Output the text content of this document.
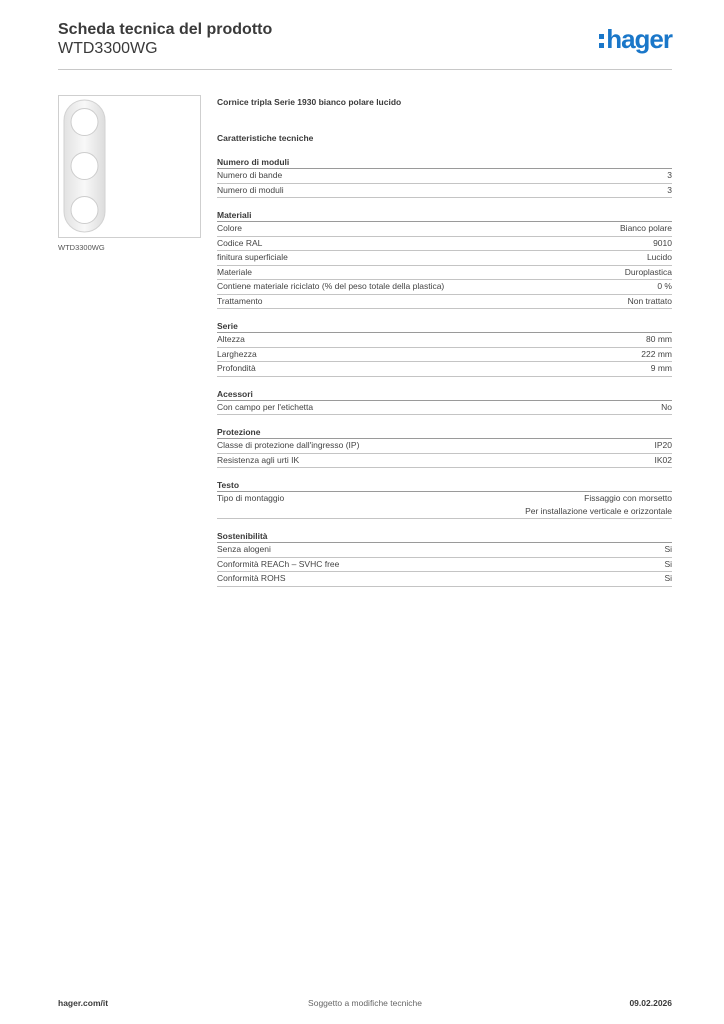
Scheda tecnica del prodotto
WTD3300WG	hager
WTD3300WG
Cornice tripla Serie 1930 bianco polare lucido
Caratteristiche tecniche
Numero di moduli
Numero di bande	3
Numero di moduli	3
Materiali
Colore	Bianco polare
Codice RAL	9010
finitura superficiale	Lucido
Materiale	Duroplastica
Contiene materiale riciclato (% del peso totale della plastica)	0 %
Trattamento	Non trattato
Serie
Altezza	80 mm
Larghezza	222 mm
Profondità	9 mm
Acessori
Con campo per l'etichetta	No
Protezione
Classe di protezione dall'ingresso (IP)	IP20
Resistenza agli urti IK	IK02
Testo
Tipo di montaggio	Fissaggio con morsetto
Per installazione verticale e orizzontale
Sostenibilità
Senza alogeni	Si
Conformità REACh – SVHC free	Si
Conformità ROHS	Si
hager.com/it	Soggetto a modifiche tecniche	09.02.2026
